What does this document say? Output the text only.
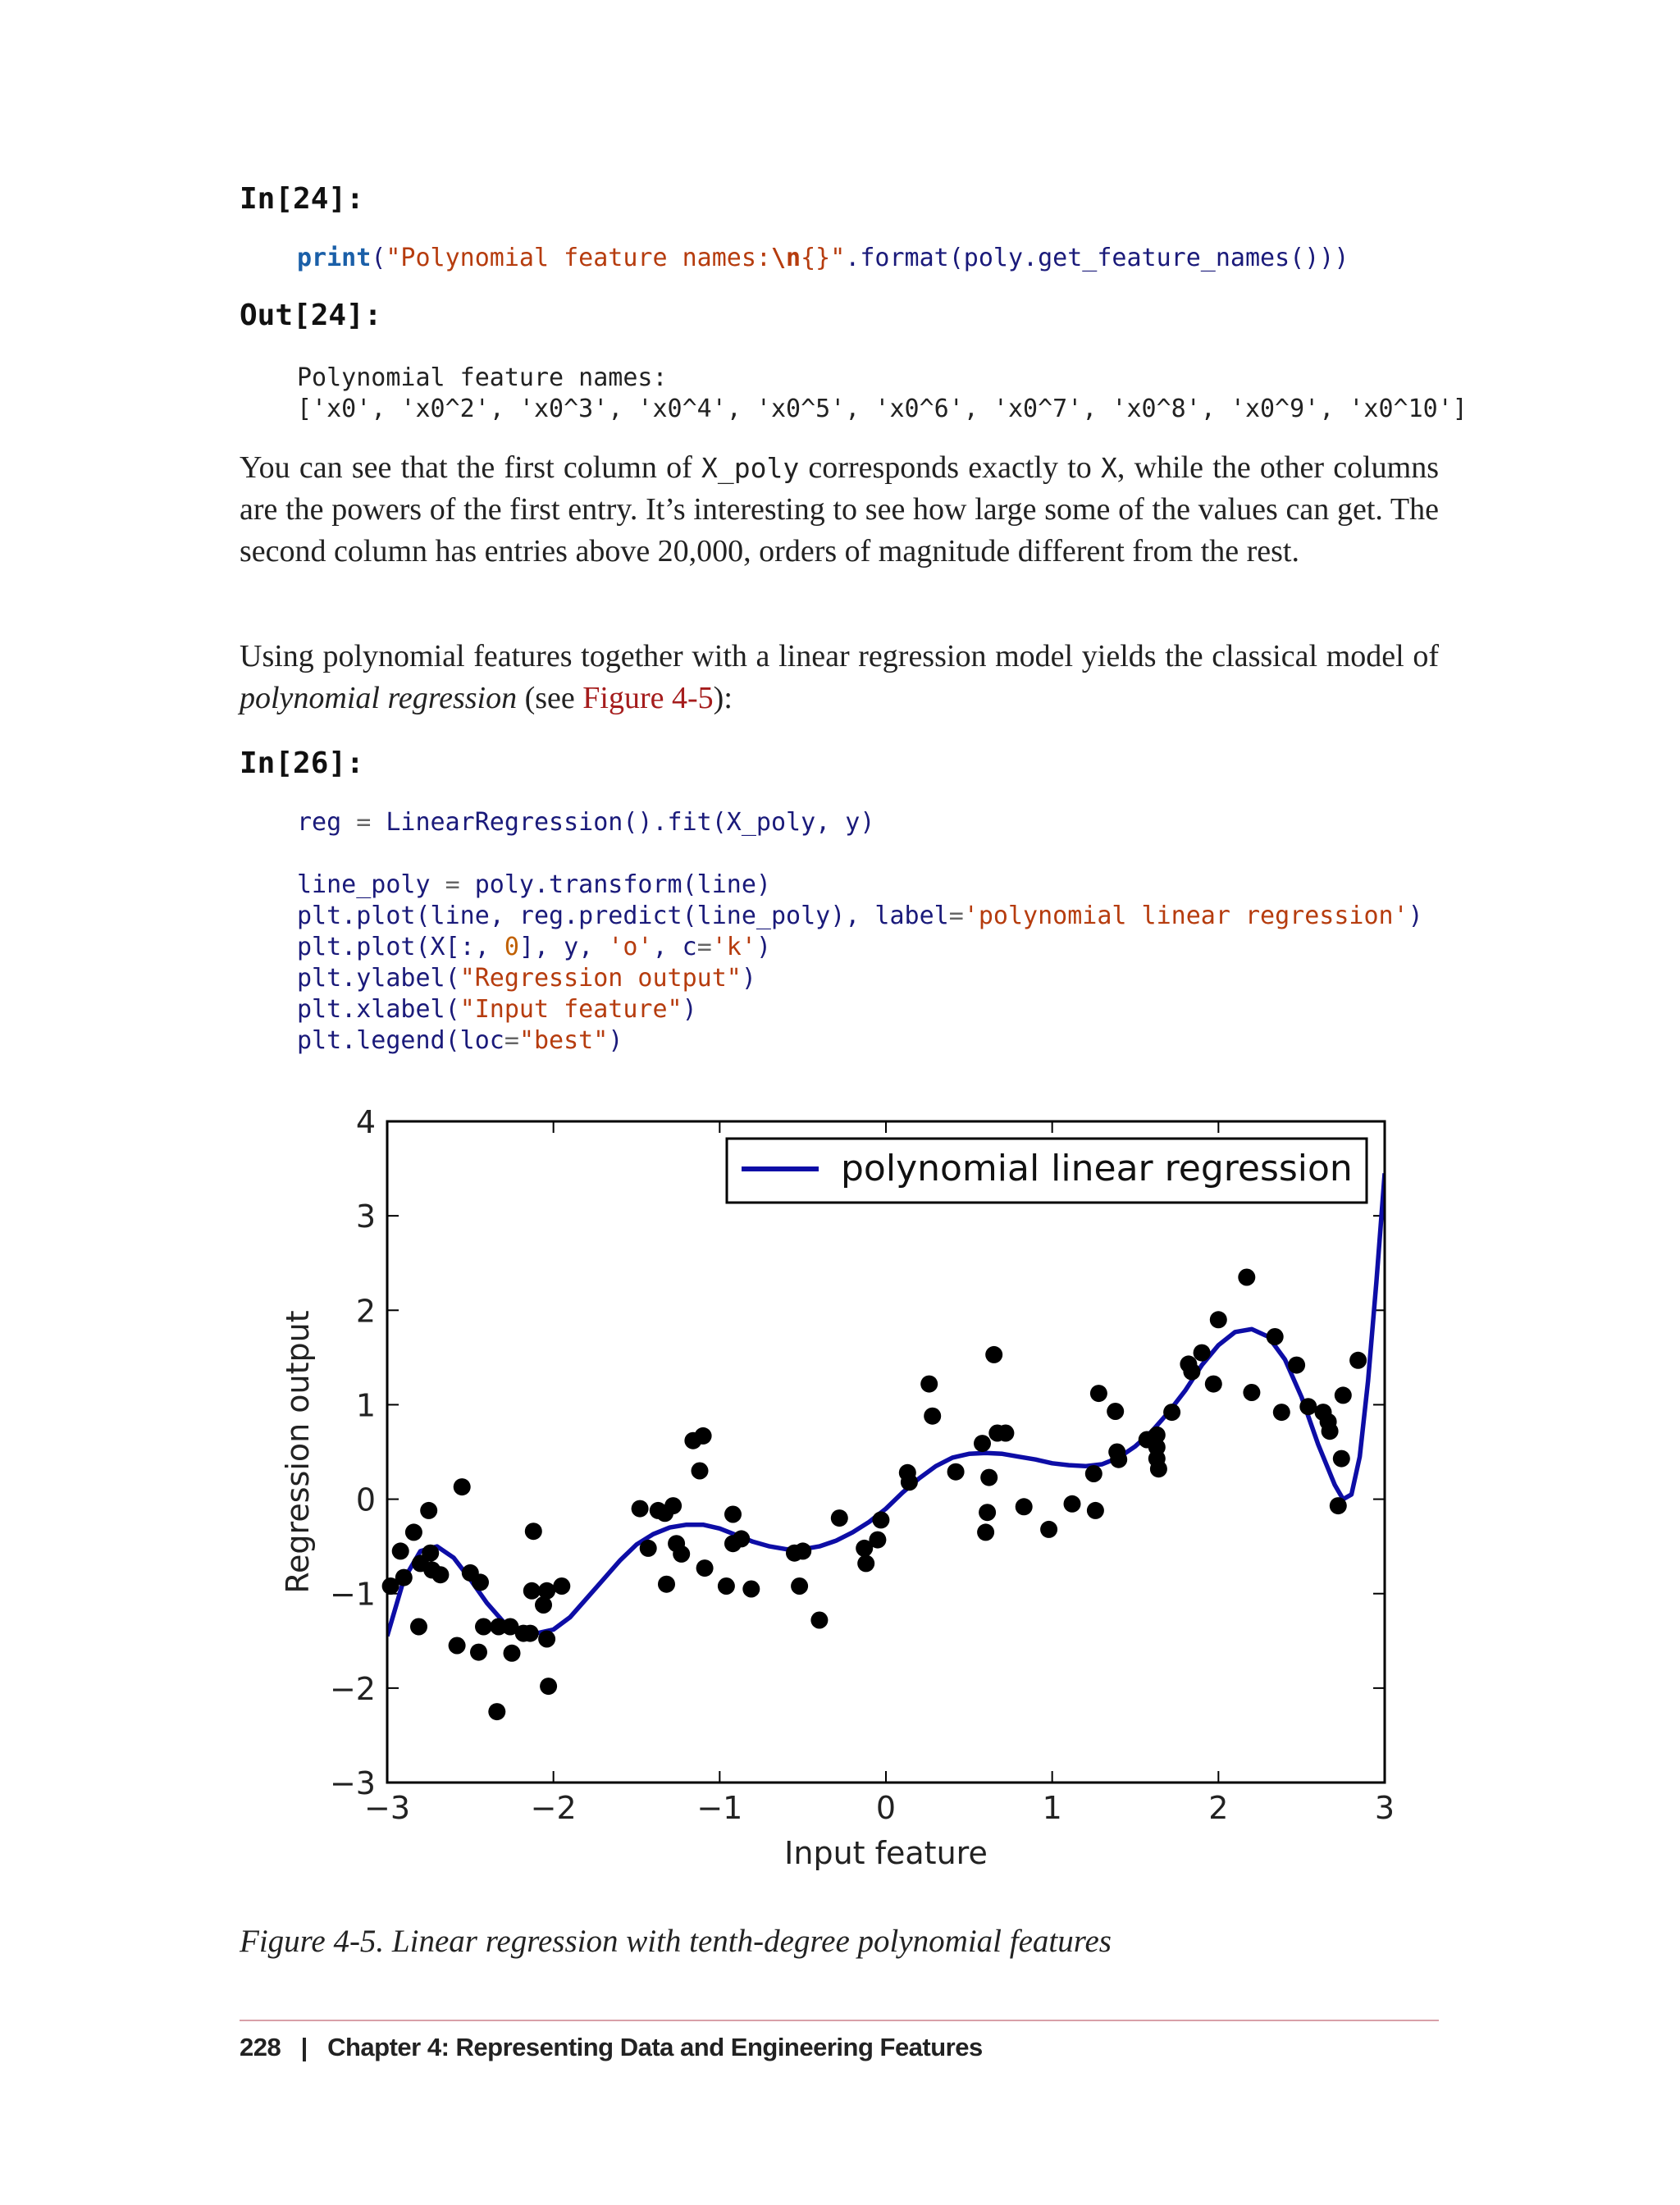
In[24]:
print("Polynomial feature names:\n{}".format(poly.get_feature_names()))
Out[24]:
Polynomial feature names:
['x0', 'x0^2', 'x0^3', 'x0^4', 'x0^5', 'x0^6', 'x0^7', 'x0^8', 'x0^9', 'x0^10']
You can see that the first column of X_poly corresponds exactly to X, while the other columns are the powers of the first entry. It’s interesting to see how large some of the values can get. The second column has entries above 20,000, orders of magnitude different from the rest.
Using polynomial features together with a linear regression model yields the classical model of polynomial regression (see Figure 4-5):
In[26]:
reg = LinearRegression().fit(X_poly, y)
line_poly = poly.transform(line)
plt.plot(line, reg.predict(line_poly), label='polynomial linear regression')
plt.plot(X[:, 0], y, 'o', c='k')
plt.ylabel("Regression output")
plt.xlabel("Input feature")
plt.legend(loc="best")
−3	−2	−1	0	1	2	3
−3
−2
−1
0
1
2
3
4
Input feature
Regression output
polynomial linear regression
Figure 4-5. Linear regression with tenth-degree polynomial features
228 | Chapter 4: Representing Data and Engineering Features
